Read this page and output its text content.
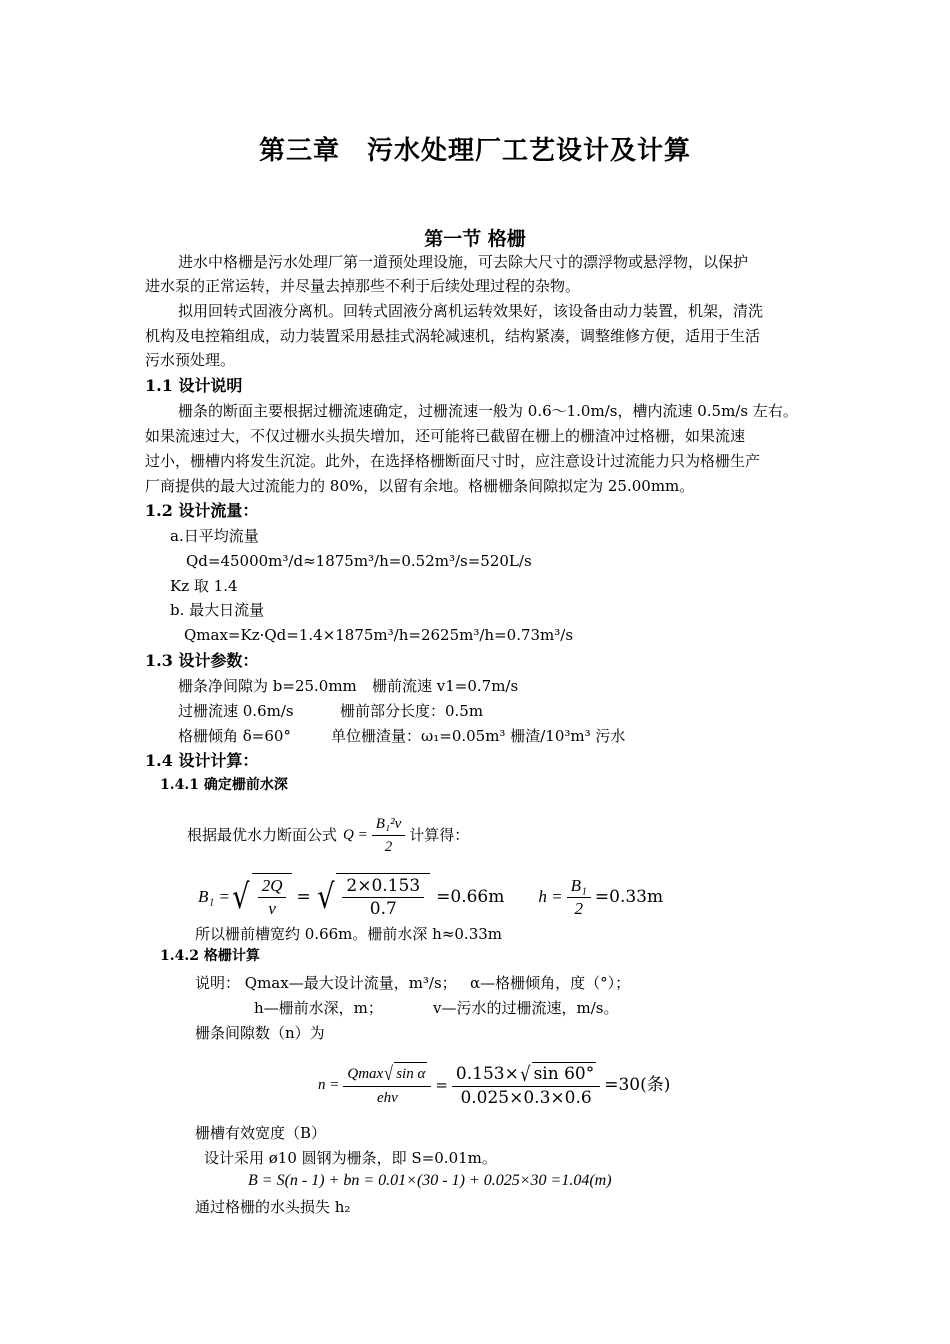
第三章　污水处理厂工艺设计及计算
第一节 格栅
进水中格栅是污水处理厂第一道预处理设施，可去除大尺寸的漂浮物或悬浮物，以保护
进水泵的正常运转，并尽量去掉那些不利于后续处理过程的杂物。
拟用回转式固液分离机。回转式固液分离机运转效果好，该设备由动力装置，机架，清洗
机构及电控箱组成，动力装置采用悬挂式涡轮减速机，结构紧凑，调整维修方便，适用于生活
污水预处理。
1.1 设计说明
栅条的断面主要根据过栅流速确定，过栅流速一般为 0.6～1.0m/s，槽内流速 0.5m/s 左右。
如果流速过大，不仅过栅水头损失增加，还可能将已截留在栅上的栅渣冲过格栅，如果流速
过小，栅槽内将发生沉淀。此外，在选择格栅断面尺寸时，应注意设计过流能力只为格栅生产
厂商提供的最大过流能力的 80%，以留有余地。格栅栅条间隙拟定为 25.00mm。
1.2 设计流量：
a.日平均流量
Qd=45000m³/d≈1875m³/h=0.52m³/s=520L/s
Kz 取 1.4
b. 最大日流量
Qmax=Kz·Qd=1.4×1875m³/h=2625m³/h=0.73m³/s
1.3 设计参数：
栅条净间隙为 b=25.0mm 栅前流速 v1=0.7m/s
过栅流速 0.6m/s	栅前部分长度：0.5m
格栅倾角 δ=60°	单位栅渣量：ω₁=0.05m³ 栅渣/10³m³ 污水
1.4 设计计算：
1.4.1 确定栅前水深
根据最优水力断面公式 $Q = \frac{\text{B₁²v}}{2}$ 计算得：
B₁ = √ $\frac{2Q}{v}$ = √ $\frac{2\times 0.153}{0.7} =0.66m$ $h = \frac{\text{B₁}}{2} =0.33m$
所以栅前槽宽约 0.66m。栅前水深 h≈0.33m
1.4.2 格栅计算
说明： Qmax—最大设计流量，m³/s； α—格栅倾角，度（°）；
h—栅前水深，m；	v—污水的过栅流速，m/s。
栅条间隙数（n）为
$n = \frac{\text{Qmax √ sin α}}{\text{ehv}} = \frac{0.153\times √ \sin 60^\circ}{0.025\times 0.3\times 0.6} =30$(条)
栅槽有效宽度（B）
设计采用 ø10 圆钢为栅条，即 S=0.01m。
B = S(n - 1) + bn = 0.01×(30 - 1) + 0.025×30 =1.04(m)
通过格栅的水头损失 h₂
